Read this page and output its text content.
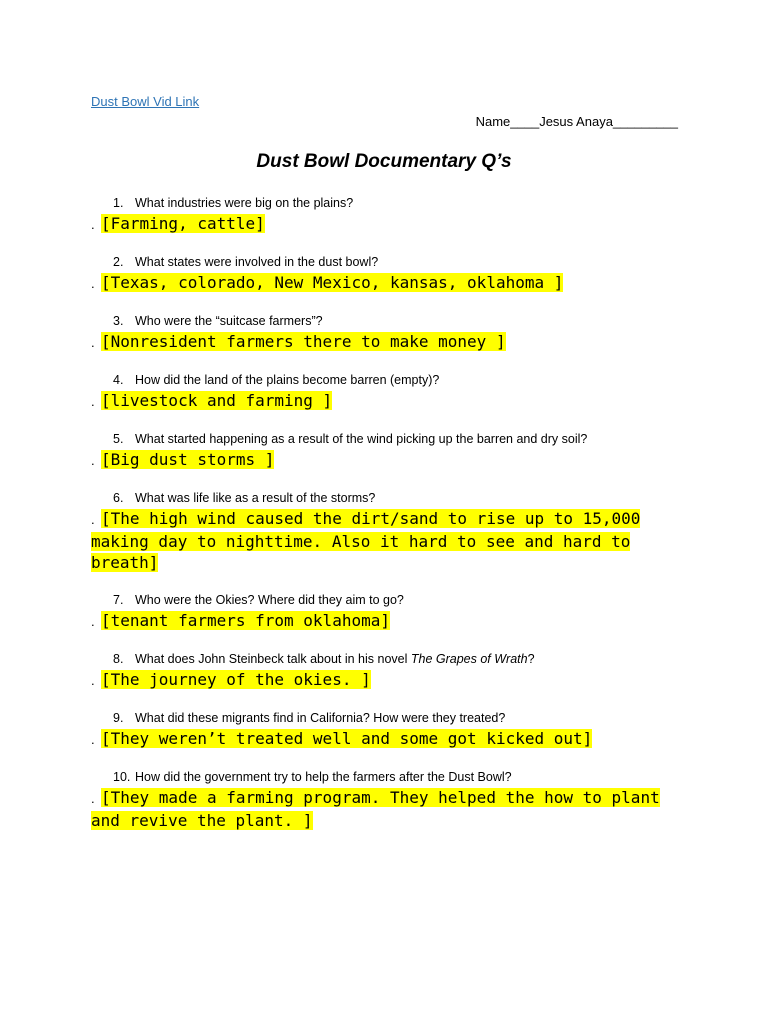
Dust Bowl Vid Link
Name____Jesus Anaya_________
Dust Bowl Documentary Q’s
1. What industries were big on the plains?
. [Farming, cattle]
2. What states were involved in the dust bowl?
. [Texas, colorado, New Mexico, kansas, oklahoma ]
3. Who were the “suitcase farmers”?
. [Nonresident farmers there to make money ]
4. How did the land of the plains become barren (empty)?
. [livestock and farming ]
5. What started happening as a result of the wind picking up the barren and dry soil?
. [Big dust storms ]
6. What was life like as a result of the storms?
. [The high wind caused the dirt/sand to rise up to 15,000 making day to nighttime. Also it hard to see and hard to breath]
7. Who were the Okies? Where did they aim to go?
. [tenant farmers from oklahoma]
8. What does John Steinbeck talk about in his novel The Grapes of Wrath?
. [The journey of the okies. ]
9. What did these migrants find in California? How were they treated?
. [They weren’t treated well and some got kicked out]
10. How did the government try to help the farmers after the Dust Bowl?
. [They made a farming program. They helped the how to plant and revive the plant. ]
